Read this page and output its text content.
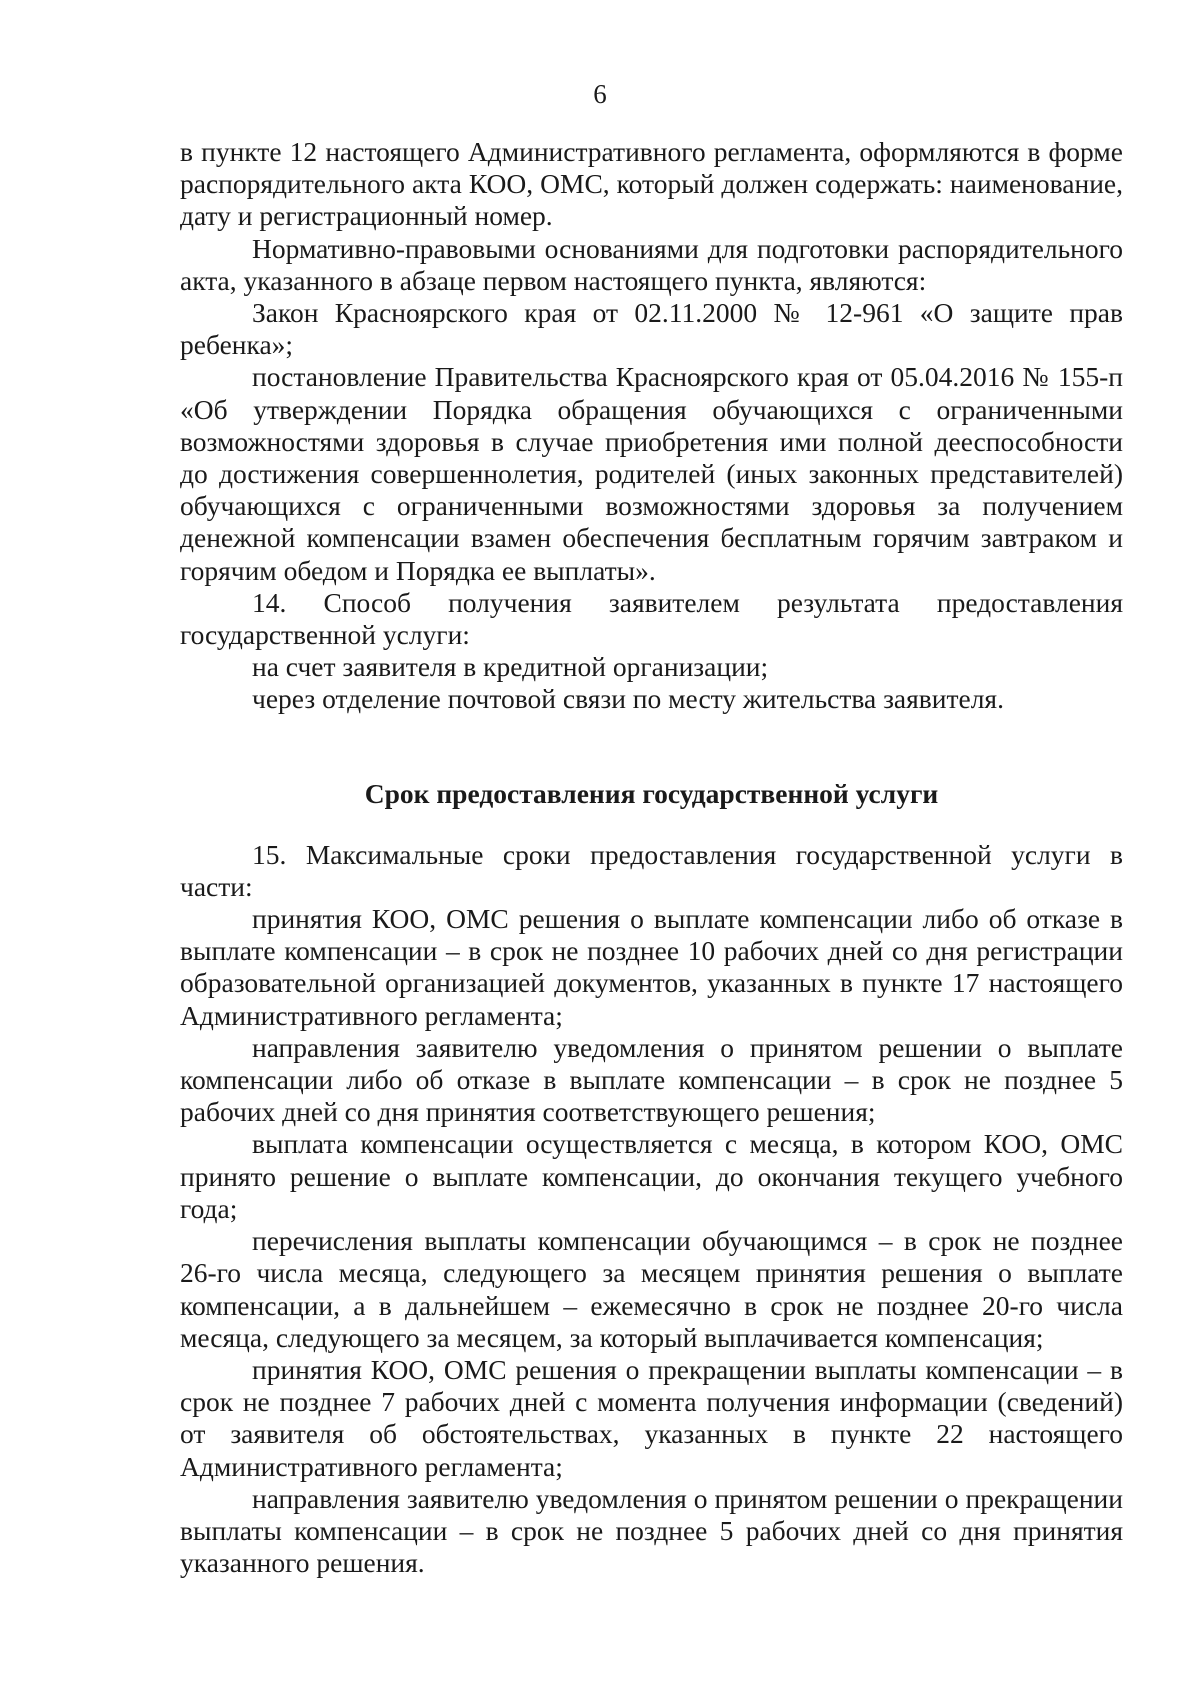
6

в пункте 12 настоящего Административного регламента, оформляются в форме распорядительного акта КОО, ОМС, который должен содержать: наименование, дату и регистрационный номер.

Нормативно-правовыми основаниями для подготовки распорядительного акта, указанного в абзаце первом настоящего пункта, являются:

Закон Красноярского края от 02.11.2000 № 12-961 «О защите прав ребенка»;

постановление Правительства Красноярского края от 05.04.2016 № 155-п «Об утверждении Порядка обращения обучающихся с ограниченными возможностями здоровья в случае приобретения ими полной дееспособности до достижения совершеннолетия, родителей (иных законных представителей) обучающихся с ограниченными возможностями здоровья за получением денежной компенсации взамен обеспечения бесплатным горячим завтраком и горячим обедом и Порядка ее выплаты».

14. Способ получения заявителем результата предоставления государственной услуги:

на счет заявителя в кредитной организации;

через отделение почтовой связи по месту жительства заявителя.

Срок предоставления государственной услуги

15. Максимальные сроки предоставления государственной услуги в части:

принятия КОО, ОМС решения о выплате компенсации либо об отказе в выплате компенсации – в срок не позднее 10 рабочих дней со дня регистрации образовательной организацией документов, указанных в пункте 17 настоящего Административного регламента;

направления заявителю уведомления о принятом решении о выплате компенсации либо об отказе в выплате компенсации – в срок не позднее 5 рабочих дней со дня принятия соответствующего решения;

выплата компенсации осуществляется с месяца, в котором КОО, ОМС принято решение о выплате компенсации, до окончания текущего учебного года;

перечисления выплаты компенсации обучающимся – в срок не позднее 26-го числа месяца, следующего за месяцем принятия решения о выплате компенсации, а в дальнейшем – ежемесячно в срок не позднее 20-го числа месяца, следующего за месяцем, за который выплачивается компенсация;

принятия КОО, ОМС решения о прекращении выплаты компенсации – в срок не позднее 7 рабочих дней с момента получения информации (сведений) от заявителя об обстоятельствах, указанных в пункте 22 настоящего Административного регламента;

направления заявителю уведомления о принятом решении о прекращении выплаты компенсации – в срок не позднее 5 рабочих дней со дня принятия указанного решения.
